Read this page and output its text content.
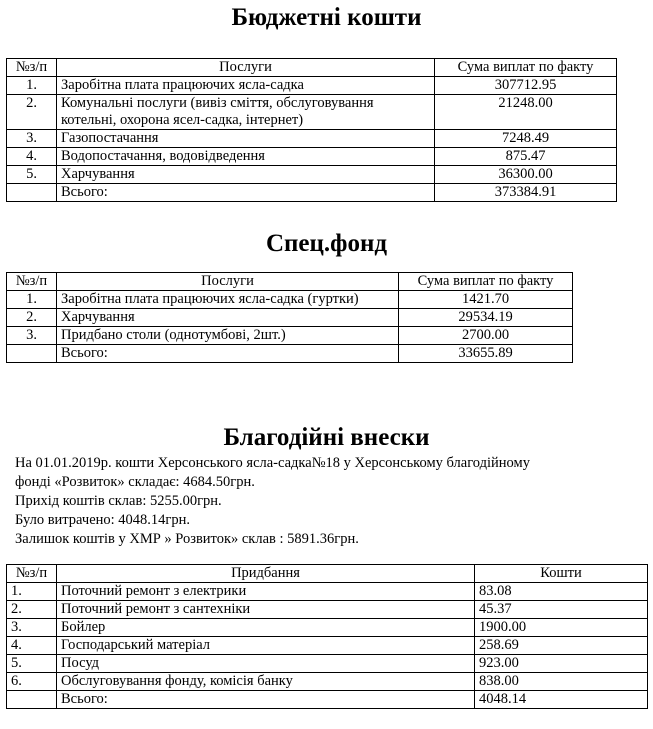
Бюджетні кошти
№з/п	Послуги	Сума виплат по факту
1.	Заробітна плата працюючих ясла-садка	307712.95
2.	Комунальні послуги (вивіз сміття, обслуговування котельні, охорона ясел-садка, інтернет)	21248.00
3.	Газопостачання	7248.49
4.	Водопостачання, водовідведення	875.47
5.	Харчування	36300.00
	Всього:	373384.91
Спец.фонд
№з/п	Послуги	Сума виплат по факту
1.	Заробітна плата працюючих ясла-садка (гуртки)	1421.70
2.	Харчування	29534.19
3.	Придбано столи (однотумбові, 2шт.)	2700.00
	Всього:	33655.89
Благодійні внески
На 01.01.2019р. кошти Херсонського ясла-садка№18 у Херсонському благодійному
фонді «Розвиток» складає: 4684.50грн.
Прихід коштів склав: 5255.00грн.
Було витрачено: 4048.14грн.
Залишок коштів у ХМР » Розвиток» склав : 5891.36грн.
№з/п	Придбання	Кошти
1.	Поточний ремонт з електрики	83.08
2.	Поточний ремонт з сантехніки	45.37
3.	Бойлер	1900.00
4.	Господарський матеріал	258.69
5.	Посуд	923.00
6.	Обслуговування фонду, комісія банку	838.00
	Всього:	4048.14
